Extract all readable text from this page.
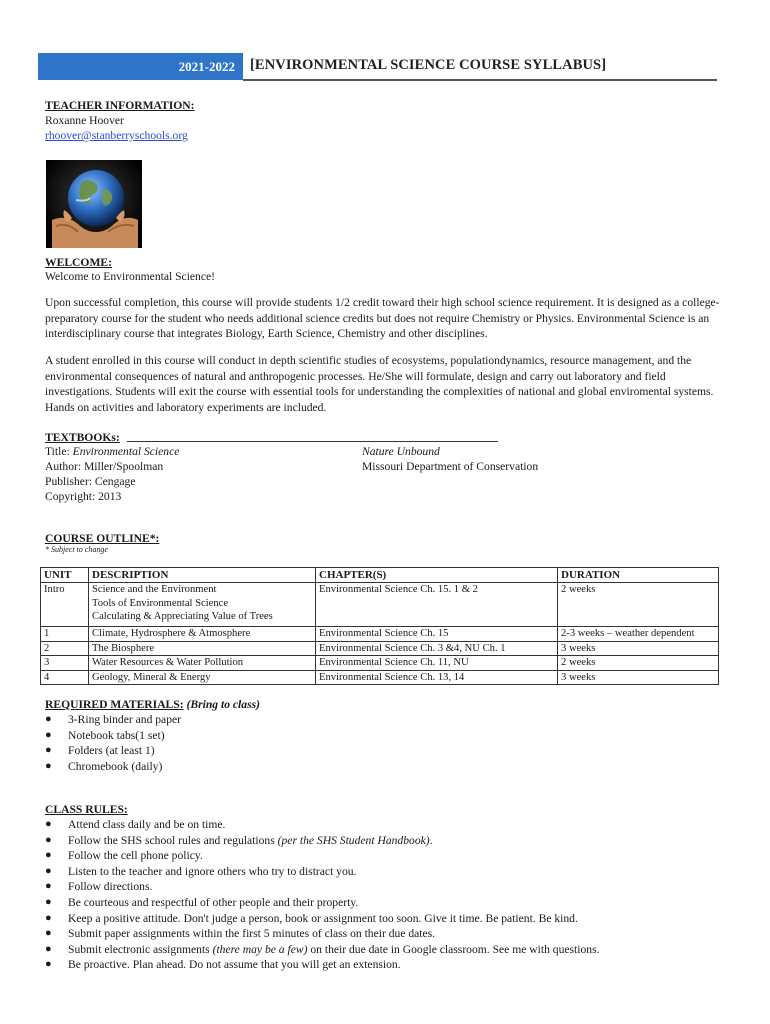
2021-2022	[ENVIRONMENTAL SCIENCE COURSE SYLLABUS]
TEACHER INFORMATION:
Roxanne Hoover
rhoover@stanberryschools.org
WELCOME:
Welcome to Environmental Science!
Upon successful completion, this course will provide students 1/2 credit toward their high school science requirement. It is designed as a college-preparatory course for the student who needs additional science credits but does not require Chemistry or Physics. Environmental Science is an interdisciplinary course that integrates Biology, Earth Science, Chemistry and other disciplines.
A student enrolled in this course will conduct in depth scientific studies of ecosystems, populationdynamics, resource management, and the environmental consequences of natural and anthropogenic processes. He/She will formulate, design and carry out laboratory and field investigations. Students will exit the course with essential tools for understanding the complexities of national and global enviromental systems. Hands on activities and laboratory experiments are included.
TEXTBOOKs:
Title: Environmental Science
Author: Miller/Spoolman
Publisher: Cengage
Copyright: 2013
Nature Unbound
Missouri Department of Conservation
COURSE OUTLINE*:
* Subject to change
UNIT	DESCRIPTION	CHAPTER(S)	DURATION
Intro	Science and the Environment
Tools of Environmental Science
Calculating & Appreciating Value of Trees	Environmental Science Ch. 15. 1 & 2	2 weeks
1	Climate, Hydrosphere & Atmosphere	Environmental Science Ch. 15	2-3 weeks – weather dependent
2	The Biosphere	Environmental Science Ch. 3 &4, NU Ch. 1	3 weeks
3	Water Resources & Water Pollution	Environmental Science Ch. 11, NU	2 weeks
4	Geology, Mineral & Energy	Environmental Science Ch. 13, 14	3 weeks
REQUIRED MATERIALS: (Bring to class)
● 3-Ring binder and paper
● Notebook tabs(1 set)
● Folders (at least 1)
● Chromebook (daily)
CLASS RULES:
● Attend class daily and be on time.
● Follow the SHS school rules and regulations (per the SHS Student Handbook).
● Follow the cell phone policy.
● Listen to the teacher and ignore others who try to distract you.
● Follow directions.
● Be courteous and respectful of other people and their property.
● Keep a positive attitude. Don't judge a person, book or assignment too soon. Give it time. Be patient. Be kind.
● Submit paper assignments within the first 5 minutes of class on their due dates.
● Submit electronic assignments (there may be a few) on their due date in Google classroom. See me with questions.
● Be proactive. Plan ahead. Do not assume that you will get an extension.
